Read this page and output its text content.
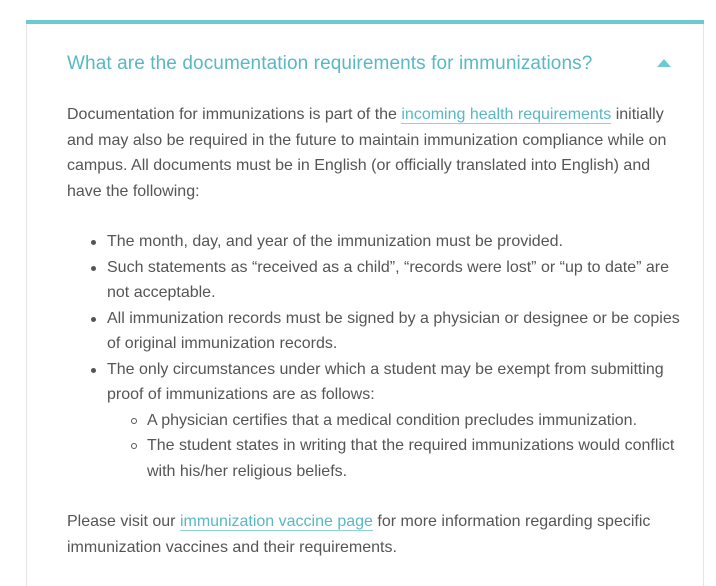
What are the documentation requirements for immunizations?

Documentation for immunizations is part of the incoming health requirements initially and may also be required in the future to maintain immunization compliance while on campus. All documents must be in English (or officially translated into English) and have the following:

The month, day, and year of the immunization must be provided.
Such statements as “received as a child”, “records were lost” or “up to date” are not acceptable.
All immunization records must be signed by a physician or designee or be copies of original immunization records.
The only circumstances under which a student may be exempt from submitting proof of immunizations are as follows:
A physician certifies that a medical condition precludes immunization.
The student states in writing that the required immunizations would conflict with his/her religious beliefs.

Please visit our immunization vaccine page for more information regarding specific immunization vaccines and their requirements.
